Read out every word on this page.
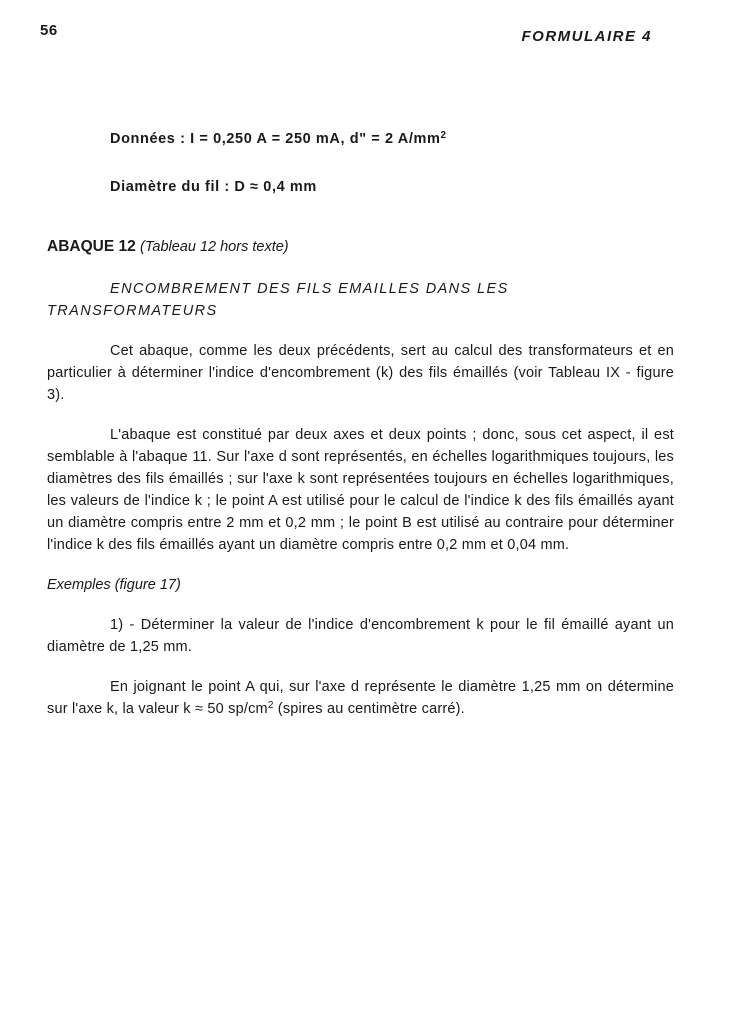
56	FORMULAIRE 4
Données : I = 0,250 A = 250 mA, d" = 2 $A/mm^2$
Diamètre du fil : D ≈ 0,4 mm
ABAQUE 12 (Tableau 12 hors texte)
ENCOMBREMENT DES FILS EMAILLES DANS LES TRANSFORMATEURS

Cet abaque, comme les deux précédents, sert au calcul des transformateurs et en particulier à déterminer l'indice d'encombrement (k) des fils émaillés (voir Tableau IX - figure 3).

L'abaque est constitué par deux axes et deux points ; donc, sous cet aspect, il est semblable à l'abaque 11. Sur l'axe d sont représentés, en échelles logarithmiques toujours, les diamètres des fils émaillés ; sur l'axe k sont représentées toujours en échelles logarithmiques, les valeurs de l'indice k ; le point A est utilisé pour le calcul de l'indice k des fils émaillés ayant un diamètre compris entre 2 mm et 0,2 mm ; le point B est utilisé au contraire pour déterminer l'indice k des fils émaillés ayant un diamètre compris entre 0,2 mm et 0,04 mm.

Exemples (figure 17)

1) - Déterminer la valeur de l'indice d'encombrement k pour le fil émaillé ayant un diamètre de 1,25 mm.

En joignant le point A qui, sur l'axe d représente le diamètre 1,25 mm on détermine sur l'axe k, la valeur k ≈ 50 $sp/cm^2$ (spires au centimètre carré).
